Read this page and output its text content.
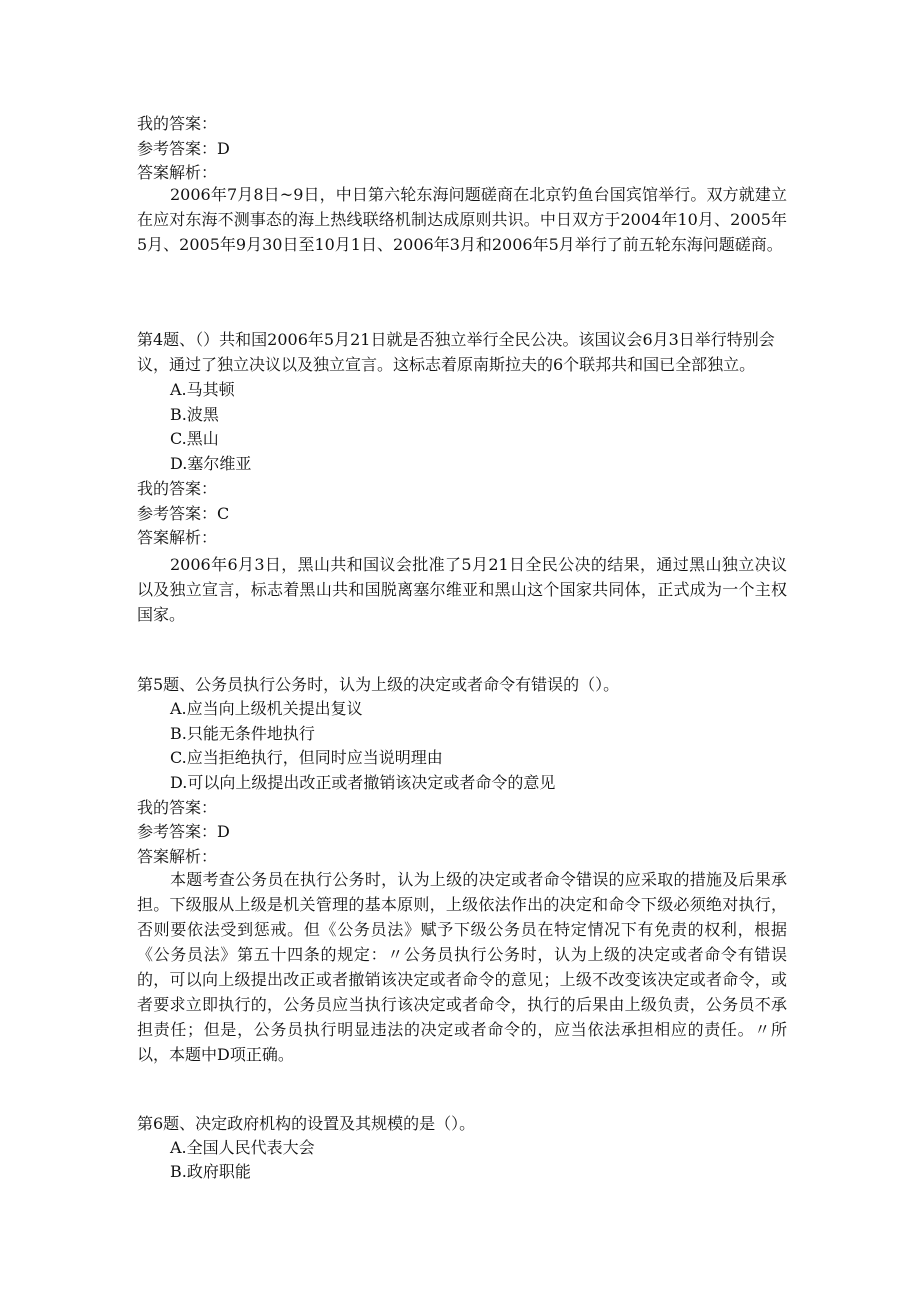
我的答案：
参考答案：D
答案解析：
2006年7月8日~9日，中日第六轮东海问题磋商在北京钓鱼台国宾馆举行。双方就建立在应对东海不测事态的海上热线联络机制达成原则共识。中日双方于2004年10月、2005年5月、2005年9月30日至10月1日、2006年3月和2006年5月举行了前五轮东海问题磋商。
第4题、（）共和国2006年5月21日就是否独立举行全民公决。该国议会6月3日举行特别会议，通过了独立决议以及独立宣言。这标志着原南斯拉夫的6个联邦共和国已全部独立。
A.马其顿
B.波黑
C.黑山
D.塞尔维亚
我的答案：
参考答案：C
答案解析：
2006年6月3日，黑山共和国议会批准了5月21日全民公决的结果，通过黑山独立决议以及独立宣言，标志着黑山共和国脱离塞尔维亚和黑山这个国家共同体，正式成为一个主权国家。
第5题、公务员执行公务时，认为上级的决定或者命令有错误的（）。
A.应当向上级机关提出复议
B.只能无条件地执行
C.应当拒绝执行，但同时应当说明理由
D.可以向上级提出改正或者撤销该决定或者命令的意见
我的答案：
参考答案：D
答案解析：
本题考查公务员在执行公务时，认为上级的决定或者命令错误的应采取的措施及后果承担。下级服从上级是机关管理的基本原则，上级依法作出的决定和命令下级必须绝对执行，否则要依法受到惩戒。但《公务员法》赋予下级公务员在特定情况下有免责的权利，根据《公务员法》第五十四条的规定：〃公务员执行公务时，认为上级的决定或者命令有错误的，可以向上级提出改正或者撤销该决定或者命令的意见；上级不改变该决定或者命令，或者要求立即执行的，公务员应当执行该决定或者命令，执行的后果由上级负责，公务员不承担责任；但是，公务员执行明显违法的决定或者命令的，应当依法承担相应的责任。〃所以，本题中D项正确。
第6题、决定政府机构的设置及其规模的是（）。
A.全国人民代表大会
B.政府职能
